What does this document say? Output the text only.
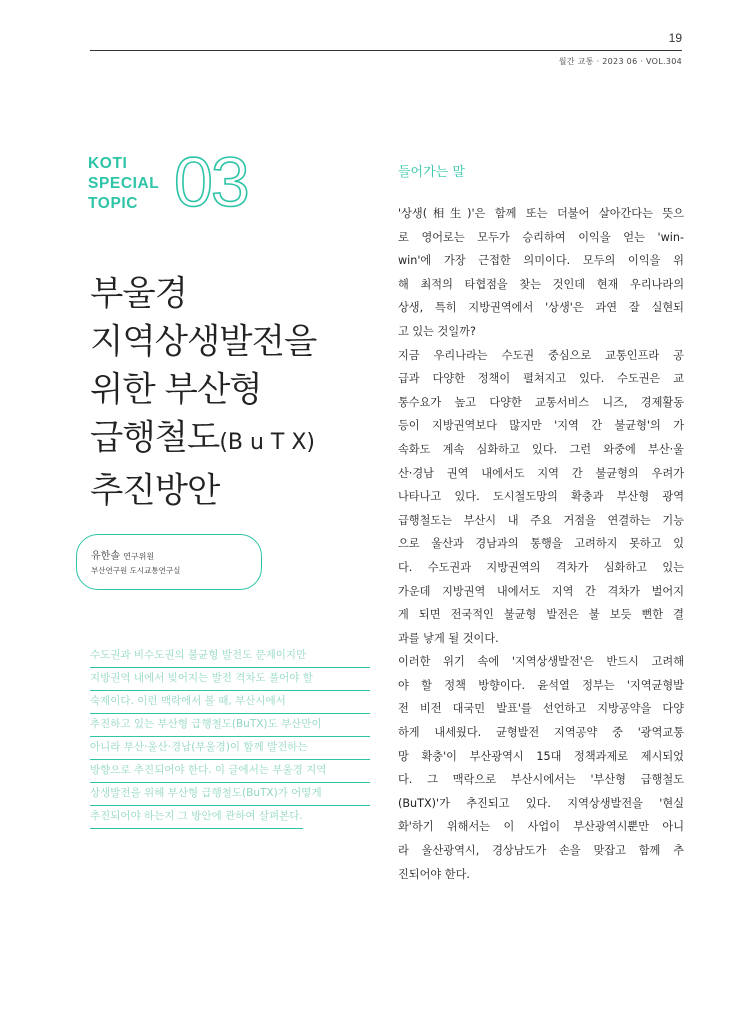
19
월간 교통 · 2023 06 · VOL.304
KOTI
SPECIAL
TOPIC 03
부울경
지역상생발전을
위한 부산형
급행철도(B u T X)
추진방안
유한솔 연구위원
부산연구원 도시교통연구실
수도권과 비수도권의 불균형 발전도 문제이지만
지방권역 내에서 빚어지는 발전 격차도 풀어야 할
숙제이다. 이런 맥락에서 볼 때, 부산시에서
추진하고 있는 부산형 급행철도(BuTX)도 부산만이
아니라 부산·울산·경남(부울경)이 함께 발전하는
방향으로 추진되어야 한다. 이 글에서는 부울경 지역
상생발전을 위해 부산형 급행철도(BuTX)가 어떻게
추진되어야 하는지 그 방안에 관하여 살펴본다.
들어가는 말
'상생(相生)'은 함께 또는 더불어 살아간다는 뜻으
로 영어로는 모두가 승리하여 이익을 얻는 'win-
win'에 가장 근접한 의미이다. 모두의 이익을 위
해 최적의 타협점을 찾는 것인데 현재 우리나라의
상생, 특히 지방권역에서 '상생'은 과연 잘 실현되
고 있는 것일까?
지금 우리나라는 수도권 중심으로 교통인프라 공
급과 다양한 정책이 펼쳐지고 있다. 수도권은 교
통수요가 높고 다양한 교통서비스 니즈, 경제활동
등이 지방권역보다 많지만 '지역 간 불균형'의 가
속화도 계속 심화하고 있다. 그런 와중에 부산·울
산·경남 권역 내에서도 지역 간 불균형의 우려가
나타나고 있다. 도시철도망의 확충과 부산형 광역
급행철도는 부산시 내 주요 거점을 연결하는 기능
으로 울산과 경남과의 통행을 고려하지 못하고 있
다. 수도권과 지방권역의 격차가 심화하고 있는
가운데 지방권역 내에서도 지역 간 격차가 벌어지
게 되면 전국적인 불균형 발전은 불 보듯 뻔한 결
과를 낳게 될 것이다.
이러한 위기 속에 '지역상생발전'은 반드시 고려해
야 할 정책 방향이다. 윤석열 정부는 '지역균형발
전 비전 대국민 발표'를 선언하고 지방공약을 다양
하게 내세웠다. 균형발전 지역공약 중 '광역교통
망 확충'이 부산광역시 15대 정책과제로 제시되었
다. 그 맥락으로 부산시에서는 '부산형 급행철도
(BuTX)'가 추진되고 있다. 지역상생발전을 '현실
화'하기 위해서는 이 사업이 부산광역시뿐만 아니
라 울산광역시, 경상남도가 손을 맞잡고 함께 추
진되어야 한다.
